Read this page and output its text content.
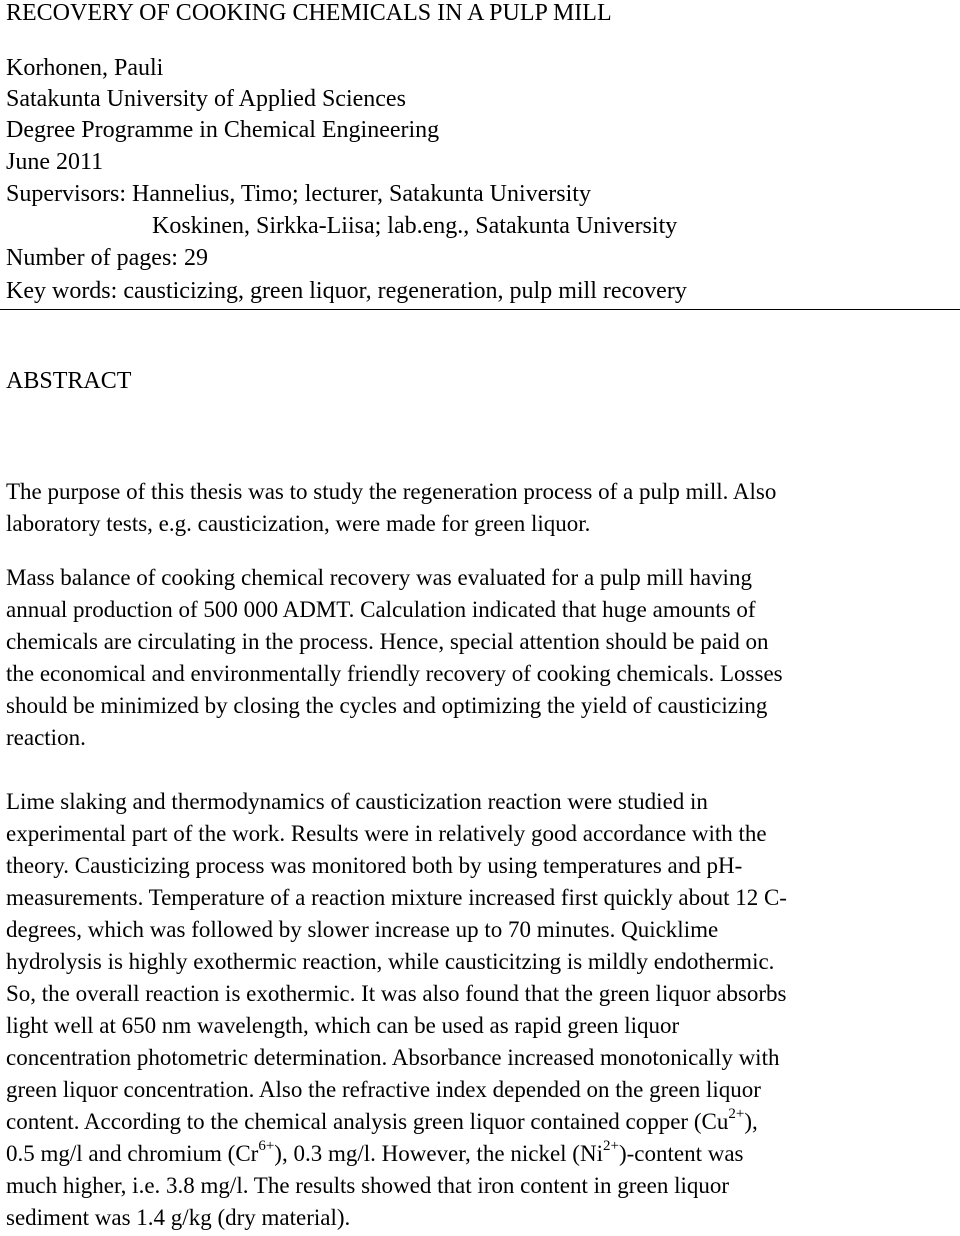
RECOVERY OF COOKING CHEMICALS IN A PULP MILL
Korhonen, Pauli
Satakunta University of Applied Sciences
Degree Programme in Chemical Engineering
June 2011
Supervisors: Hannelius, Timo; lecturer, Satakunta University
Koskinen, Sirkka-Liisa; lab.eng., Satakunta University
Number of pages: 29
Key words: causticizing, green liquor, regeneration, pulp mill recovery
ABSTRACT
The purpose of this thesis was to study the regeneration process of a pulp mill. Also
laboratory tests, e.g. causticization, were made for green liquor.
Mass balance of cooking chemical recovery was evaluated for a pulp mill having
annual production of 500 000 ADMT. Calculation indicated that huge amounts of
chemicals are circulating in the process. Hence, special attention should be paid on
the economical and environmentally friendly recovery of cooking chemicals. Losses
should be minimized by closing the cycles and optimizing the yield of causticizing
reaction.
Lime slaking and thermodynamics of causticization reaction were studied in
experimental part of the work. Results were in relatively good accordance with the
theory. Causticizing process was monitored both by using temperatures and pH-
measurements. Temperature of a reaction mixture increased first quickly about 12 C-
degrees, which was followed by slower increase up to 70 minutes. Quicklime
hydrolysis is highly exothermic reaction, while causticitzing is mildly endothermic.
So, the overall reaction is exothermic. It was also found that the green liquor absorbs
light well at 650 nm wavelength, which can be used as rapid green liquor
concentration photometric determination. Absorbance increased monotonically with
green liquor concentration. Also the refractive index depended on the green liquor
content. According to the chemical analysis green liquor contained copper $(Cu^{2+})$,
0.5 mg/l and chromium $(Cr^{6+})$, 0.3 mg/l. However, the nickel $(Ni^{2+})$-content was
much higher, i.e. 3.8 mg/l. The results showed that iron content in green liquor
sediment was 1.4 g/kg (dry material).
